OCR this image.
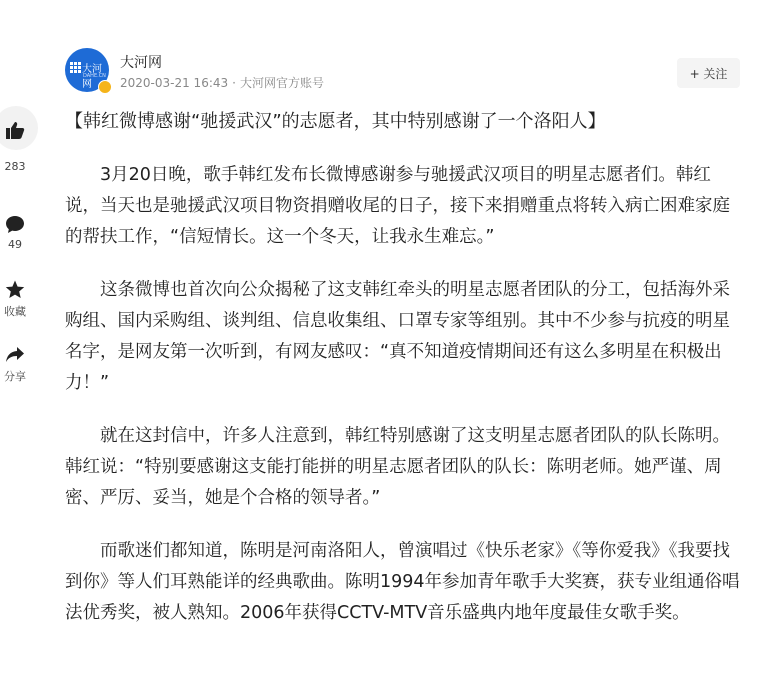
283
49
收藏
分享
大河网
DAHE.CN
大河网
2020-03-21 16:43 · 大河网官方账号
+ 关注
【韩红微博感谢“驰援武汉”的志愿者，其中特别感谢了一个洛阳人】

3月20日晚，歌手韩红发布长微博感谢参与驰援武汉项目的明星志愿者们。韩红说，当天也是驰援武汉项目物资捐赠收尾的日子，接下来捐赠重点将转入病亡困难家庭的帮扶工作，“信短情长。这一个冬天，让我永生难忘。”

这条微博也首次向公众揭秘了这支韩红牵头的明星志愿者团队的分工，包括海外采购组、国内采购组、谈判组、信息收集组、口罩专家等组别。其中不少参与抗疫的明星名字，是网友第一次听到，有网友感叹：“真不知道疫情期间还有这么多明星在积极出力！”

就在这封信中，许多人注意到，韩红特别感谢了这支明星志愿者团队的队长陈明。韩红说：“特别要感谢这支能打能拼的明星志愿者团队的队长：陈明老师。她严谨、周密、严厉、妥当，她是个合格的领导者。”

而歌迷们都知道，陈明是河南洛阳人，曾演唱过《快乐老家》《等你爱我》《我要找到你》等人们耳熟能详的经典歌曲。陈明1994年参加青年歌手大奖赛，获专业组通俗唱法优秀奖，被人熟知。2006年获得CCTV-MTV音乐盛典内地年度最佳女歌手奖。
